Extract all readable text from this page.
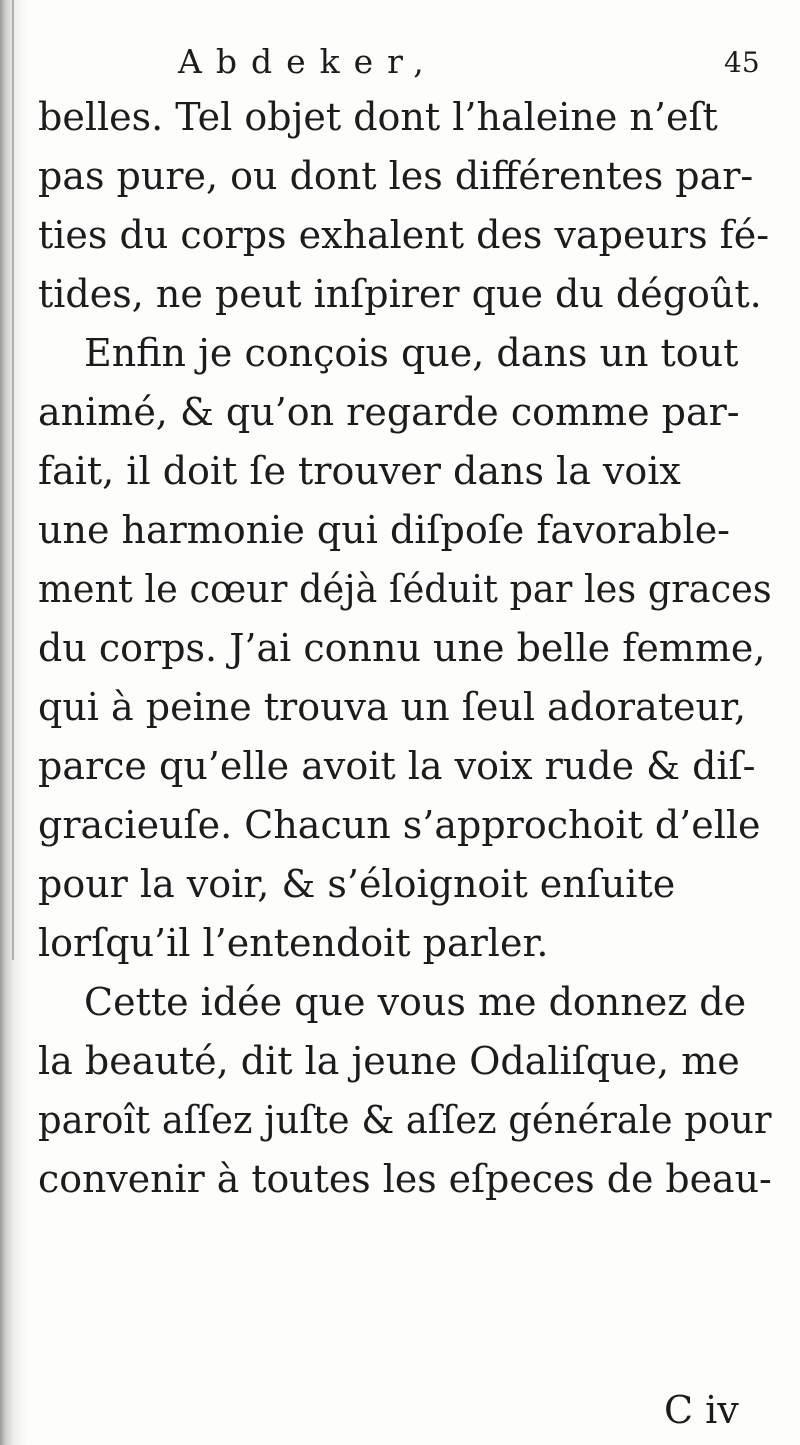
Abdeker,	45
belles. Tel objet dont l’haleine n’eſt
pas pure, ou dont les différentes par-
ties du corps exhalent des vapeurs fé-
tides, ne peut inſpirer que du dégoût.
Enfin je conçois que, dans un tout
animé, & qu’on regarde comme par-
fait, il doit ſe trouver dans la voix
une harmonie qui diſpoſe favorable-
ment le cœur déjà ſéduit par les graces
du corps. J’ai connu une belle femme,
qui à peine trouva un ſeul adorateur,
parce qu’elle avoit la voix rude & diſ-
gracieuſe. Chacun s’approchoit d’elle
pour la voir, & s’éloignoit enſuite
lorſqu’il l’entendoit parler.
Cette idée que vous me donnez de
la beauté, dit la jeune Odaliſque, me
paroît aſſez juſte & aſſez générale pour
convenir à toutes les eſpeces de beau-
C iv
